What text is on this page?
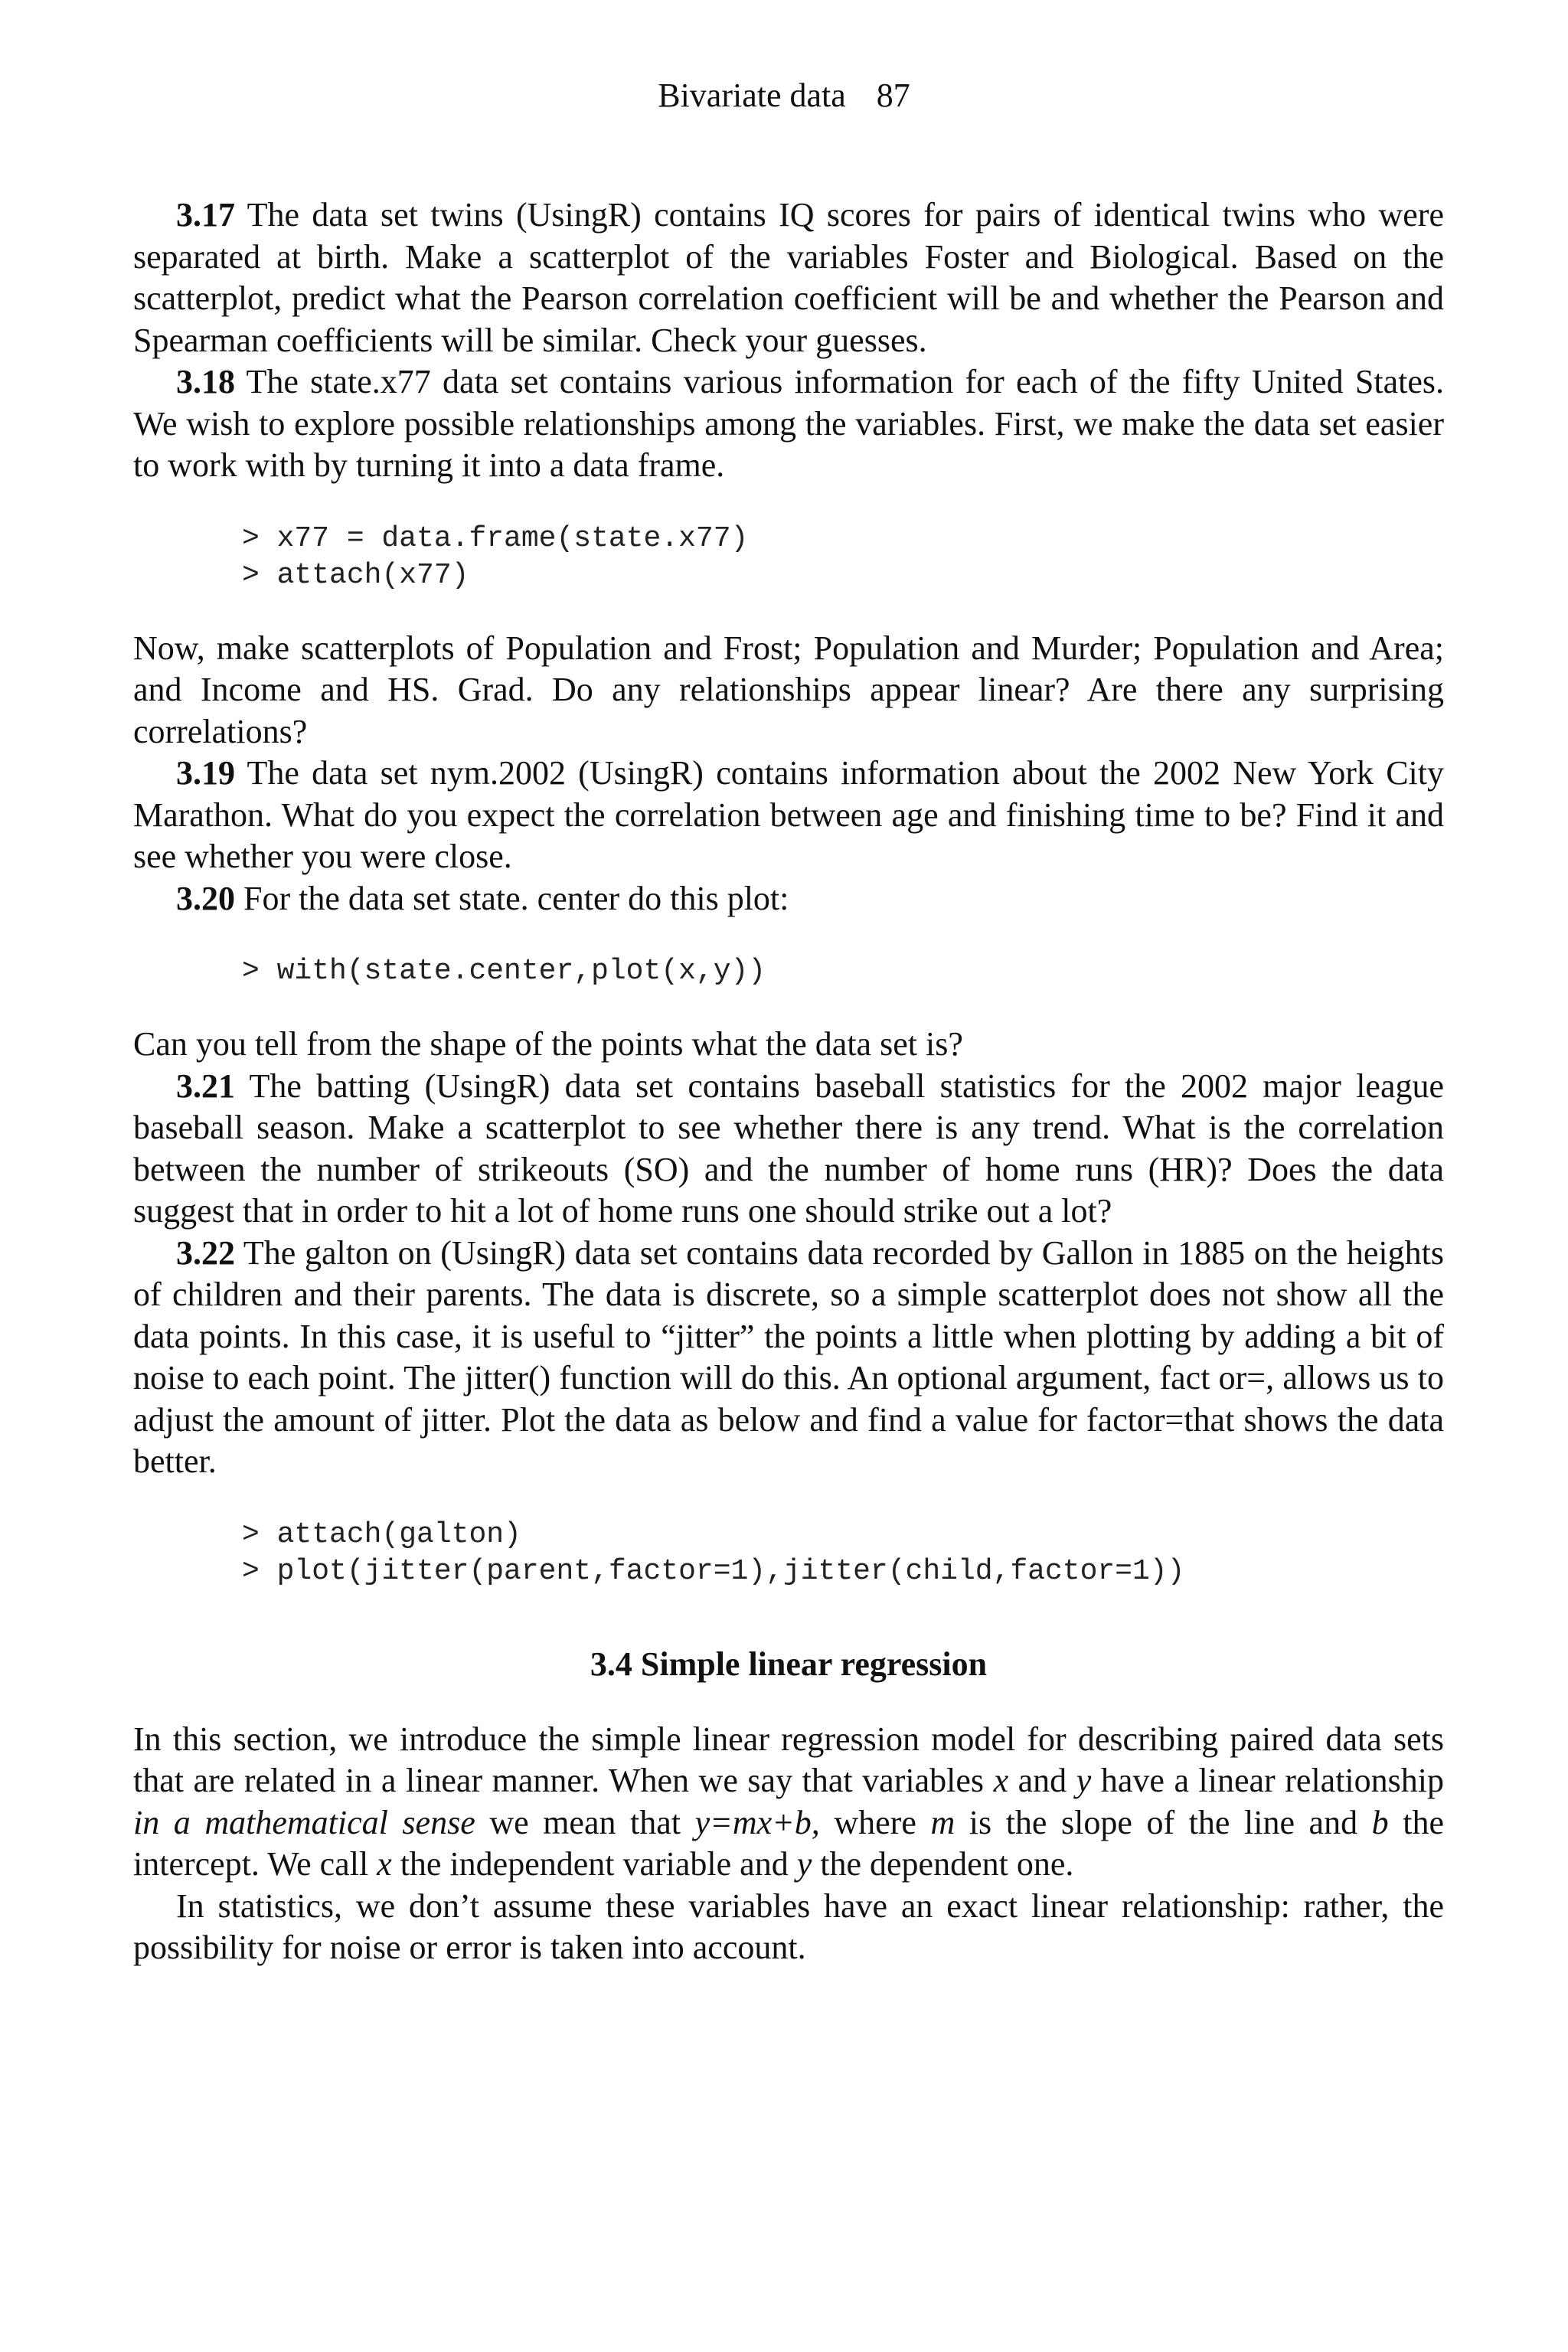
Bivariate data 87

3.17 The data set twins (UsingR) contains IQ scores for pairs of identical twins who were separated at birth. Make a scatterplot of the variables Foster and Biological. Based on the scatterplot, predict what the Pearson correlation coefficient will be and whether the Pearson and Spearman coefficients will be similar. Check your guesses.

3.18 The state.x77 data set contains various information for each of the fifty United States. We wish to explore possible relationships among the variables. First, we make the data set easier to work with by turning it into a data frame.

> x77 = data.frame(state.x77)
> attach(x77)

Now, make scatterplots of Population and Frost; Population and Murder; Population and Area; and Income and HS. Grad. Do any relationships appear linear? Are there any surprising correlations?

3.19 The data set nym.2002 (UsingR) contains information about the 2002 New York City Marathon. What do you expect the correlation between age and finishing time to be? Find it and see whether you were close.

3.20 For the data set state. center do this plot:

> with(state.center,plot(x,y))

Can you tell from the shape of the points what the data set is?

3.21 The batting (UsingR) data set contains baseball statistics for the 2002 major league baseball season. Make a scatterplot to see whether there is any trend. What is the correlation between the number of strikeouts (SO) and the number of home runs (HR)? Does the data suggest that in order to hit a lot of home runs one should strike out a lot?

3.22 The galton on (UsingR) data set contains data recorded by Gallon in 1885 on the heights of children and their parents. The data is discrete, so a simple scatterplot does not show all the data points. In this case, it is useful to “jitter” the points a little when plotting by adding a bit of noise to each point. The jitter() function will do this. An optional argument, fact or=, allows us to adjust the amount of jitter. Plot the data as below and find a value for factor=that shows the data better.

> attach(galton)
> plot(jitter(parent,factor=1),jitter(child,factor=1))
3.4 Simple linear regression

In this section, we introduce the simple linear regression model for describing paired data sets that are related in a linear manner. When we say that variables x and y have a linear relationship in a mathematical sense we mean that y=mx+b, where m is the slope of the line and b the intercept. We call x the independent variable and y the dependent one.

In statistics, we don’t assume these variables have an exact linear relationship: rather, the possibility for noise or error is taken into account.
